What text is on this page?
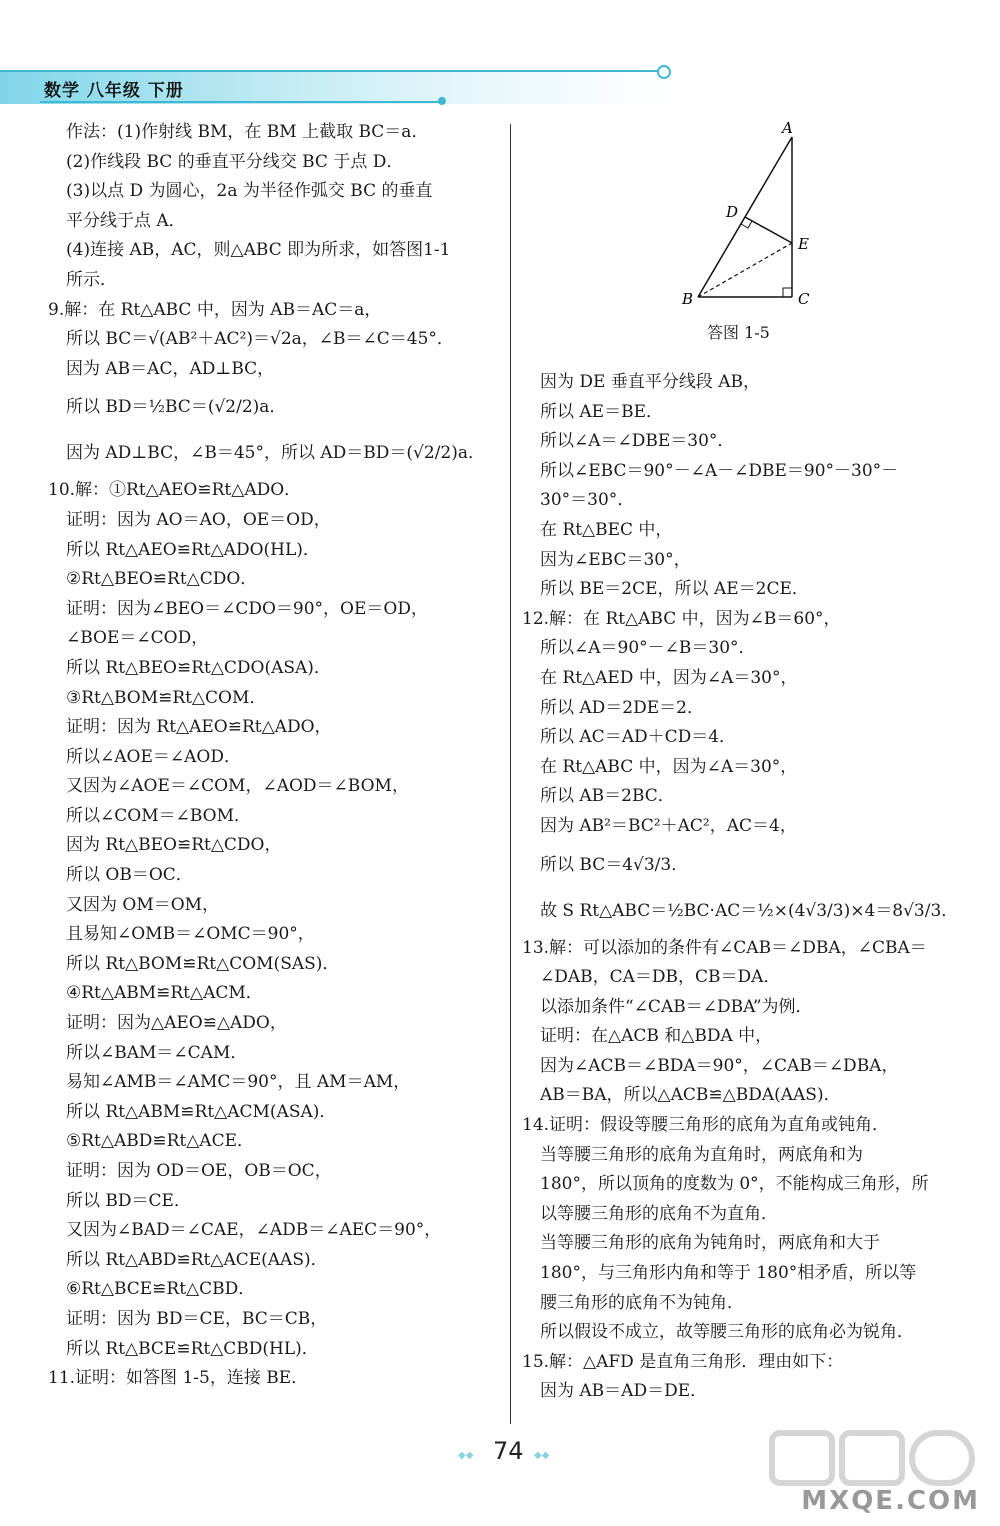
数学 八年级 下册
作法：(1)作射线 BM，在 BM 上截取 BC＝a．
(2)作线段 BC 的垂直平分线交 BC 于点 D．
(3)以点 D 为圆心，2a 为半径作弧交 BC 的垂直
平分线于点 A．
(4)连接 AB，AC，则△ABC 即为所求，如答图1-1
所示．
9.解：在 Rt△ABC 中，因为 AB＝AC＝a，
所以 BC＝√(AB²＋AC²)＝√2a，∠B＝∠C＝45°．
因为 AB＝AC，AD⊥BC，
所以 BD＝½BC＝(√2/2)a．
因为 AD⊥BC，∠B＝45°，所以 AD＝BD＝(√2/2)a．
10.解：①Rt△AEO≌Rt△ADO．
证明：因为 AO＝AO，OE＝OD，
所以 Rt△AEO≌Rt△ADO(HL)．
②Rt△BEO≌Rt△CDO．
证明：因为∠BEO＝∠CDO＝90°，OE＝OD，
∠BOE＝∠COD，
所以 Rt△BEO≌Rt△CDO(ASA)．
③Rt△BOM≌Rt△COM．
证明：因为 Rt△AEO≌Rt△ADO，
所以∠AOE＝∠AOD．
又因为∠AOE＝∠COM，∠AOD＝∠BOM，
所以∠COM＝∠BOM．
因为 Rt△BEO≌Rt△CDO，
所以 OB＝OC．
又因为 OM＝OM，
且易知∠OMB＝∠OMC＝90°，
所以 Rt△BOM≌Rt△COM(SAS)．
④Rt△ABM≌Rt△ACM．
证明：因为△AEO≌△ADO，
所以∠BAM＝∠CAM．
易知∠AMB＝∠AMC＝90°，且 AM＝AM，
所以 Rt△ABM≌Rt△ACM(ASA)．
⑤Rt△ABD≌Rt△ACE．
证明：因为 OD＝OE，OB＝OC，
所以 BD＝CE．
又因为∠BAD＝∠CAE，∠ADB＝∠AEC＝90°，
所以 Rt△ABD≌Rt△ACE(AAS)．
⑥Rt△BCE≌Rt△CBD．
证明：因为 BD＝CE，BC＝CB，
所以 Rt△BCE≌Rt△CBD(HL)．
11.证明：如答图 1-5，连接 BE．
因为 DE 垂直平分线段 AB，
所以 AE＝BE．
所以∠A＝∠DBE＝30°．
所以∠EBC＝90°－∠A－∠DBE＝90°－30°－
30°＝30°．
在 Rt△BEC 中，
因为∠EBC＝30°，
所以 BE＝2CE，所以 AE＝2CE．
12.解：在 Rt△ABC 中，因为∠B＝60°，
所以∠A＝90°－∠B＝30°．
在 Rt△AED 中，因为∠A＝30°，
所以 AD＝2DE＝2．
所以 AC＝AD＋CD＝4．
在 Rt△ABC 中，因为∠A＝30°，
所以 AB＝2BC．
因为 AB²＝BC²＋AC²，AC＝4，
所以 BC＝4√3/3．
故 S Rt△ABC＝½BC·AC＝½×(4√3/3)×4＝8√3/3．
13.解：可以添加的条件有∠CAB＝∠DBA，∠CBA＝
∠DAB，CA＝DB，CB＝DA．
以添加条件“∠CAB＝∠DBA”为例．
证明：在△ACB 和△BDA 中，
因为∠ACB＝∠BDA＝90°，∠CAB＝∠DBA，
AB＝BA，所以△ACB≌△BDA(AAS)．
14.证明：假设等腰三角形的底角为直角或钝角．
当等腰三角形的底角为直角时，两底角和为
180°，所以顶角的度数为 0°，不能构成三角形，所
以等腰三角形的底角不为直角．
当等腰三角形的底角为钝角时，两底角和大于
180°，与三角形内角和等于 180°相矛盾，所以等
腰三角形的底角不为钝角．
所以假设不成立，故等腰三角形的底角必为锐角．
15.解：△AFD 是直角三角形．理由如下：
因为 AB＝AD＝DE．
A
D
E
B	C
答图 1-5
◆◆ 74 ◆◆
MXQE.COM
